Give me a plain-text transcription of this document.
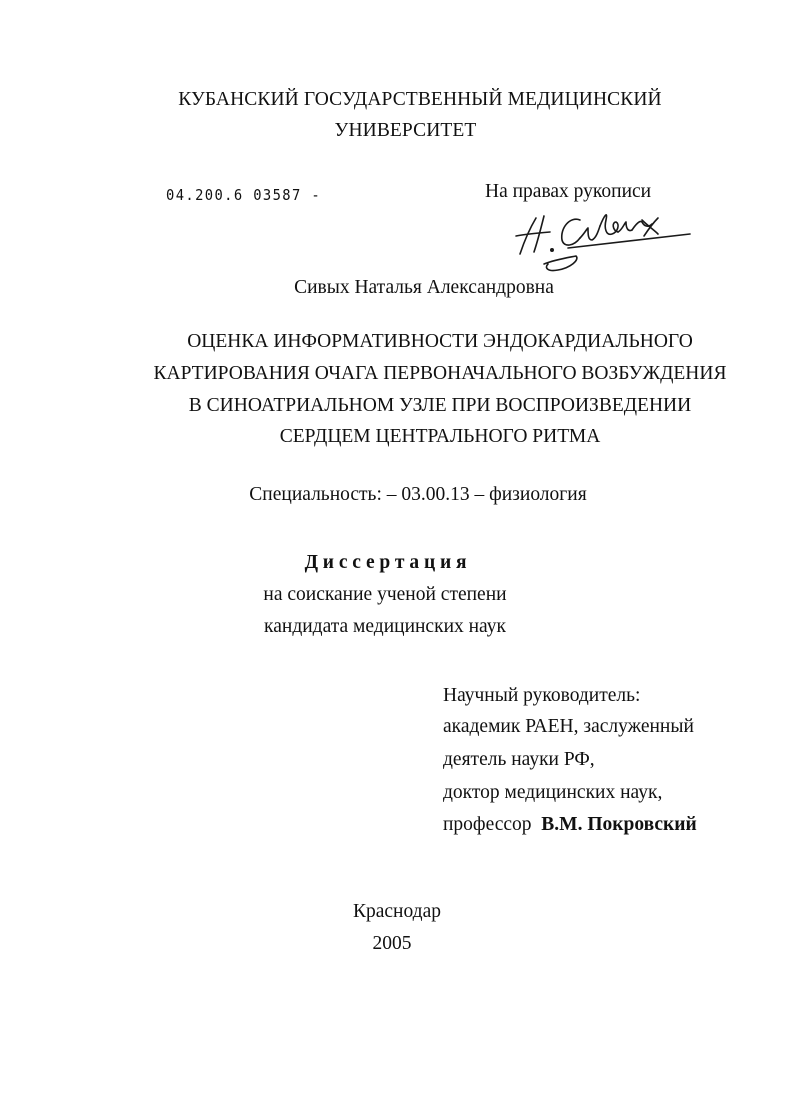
КУБАНСКИЙ ГОСУДАРСТВЕННЫЙ МЕДИЦИНСКИЙ
УНИВЕРСИТЕТ
04.200.6 03587 -	На правах рукописи
Сивых Наталья Александровна
ОЦЕНКА ИНФОРМАТИВНОСТИ ЭНДОКАРДИАЛЬНОГО
КАРТИРОВАНИЯ ОЧАГА ПЕРВОНАЧАЛЬНОГО ВОЗБУЖДЕНИЯ
В СИНОАТРИАЛЬНОМ УЗЛЕ ПРИ ВОСПРОИЗВЕДЕНИИ
СЕРДЦЕМ ЦЕНТРАЛЬНОГО РИТМА
Специальность: – 03.00.13 – физиология
Диссертация
на соискание ученой степени
кандидата медицинских наук
Научный руководитель:
академик РАЕН, заслуженный
деятель науки РФ,
доктор медицинских наук,
профессор В.М. Покровский
Краснодар
2005
